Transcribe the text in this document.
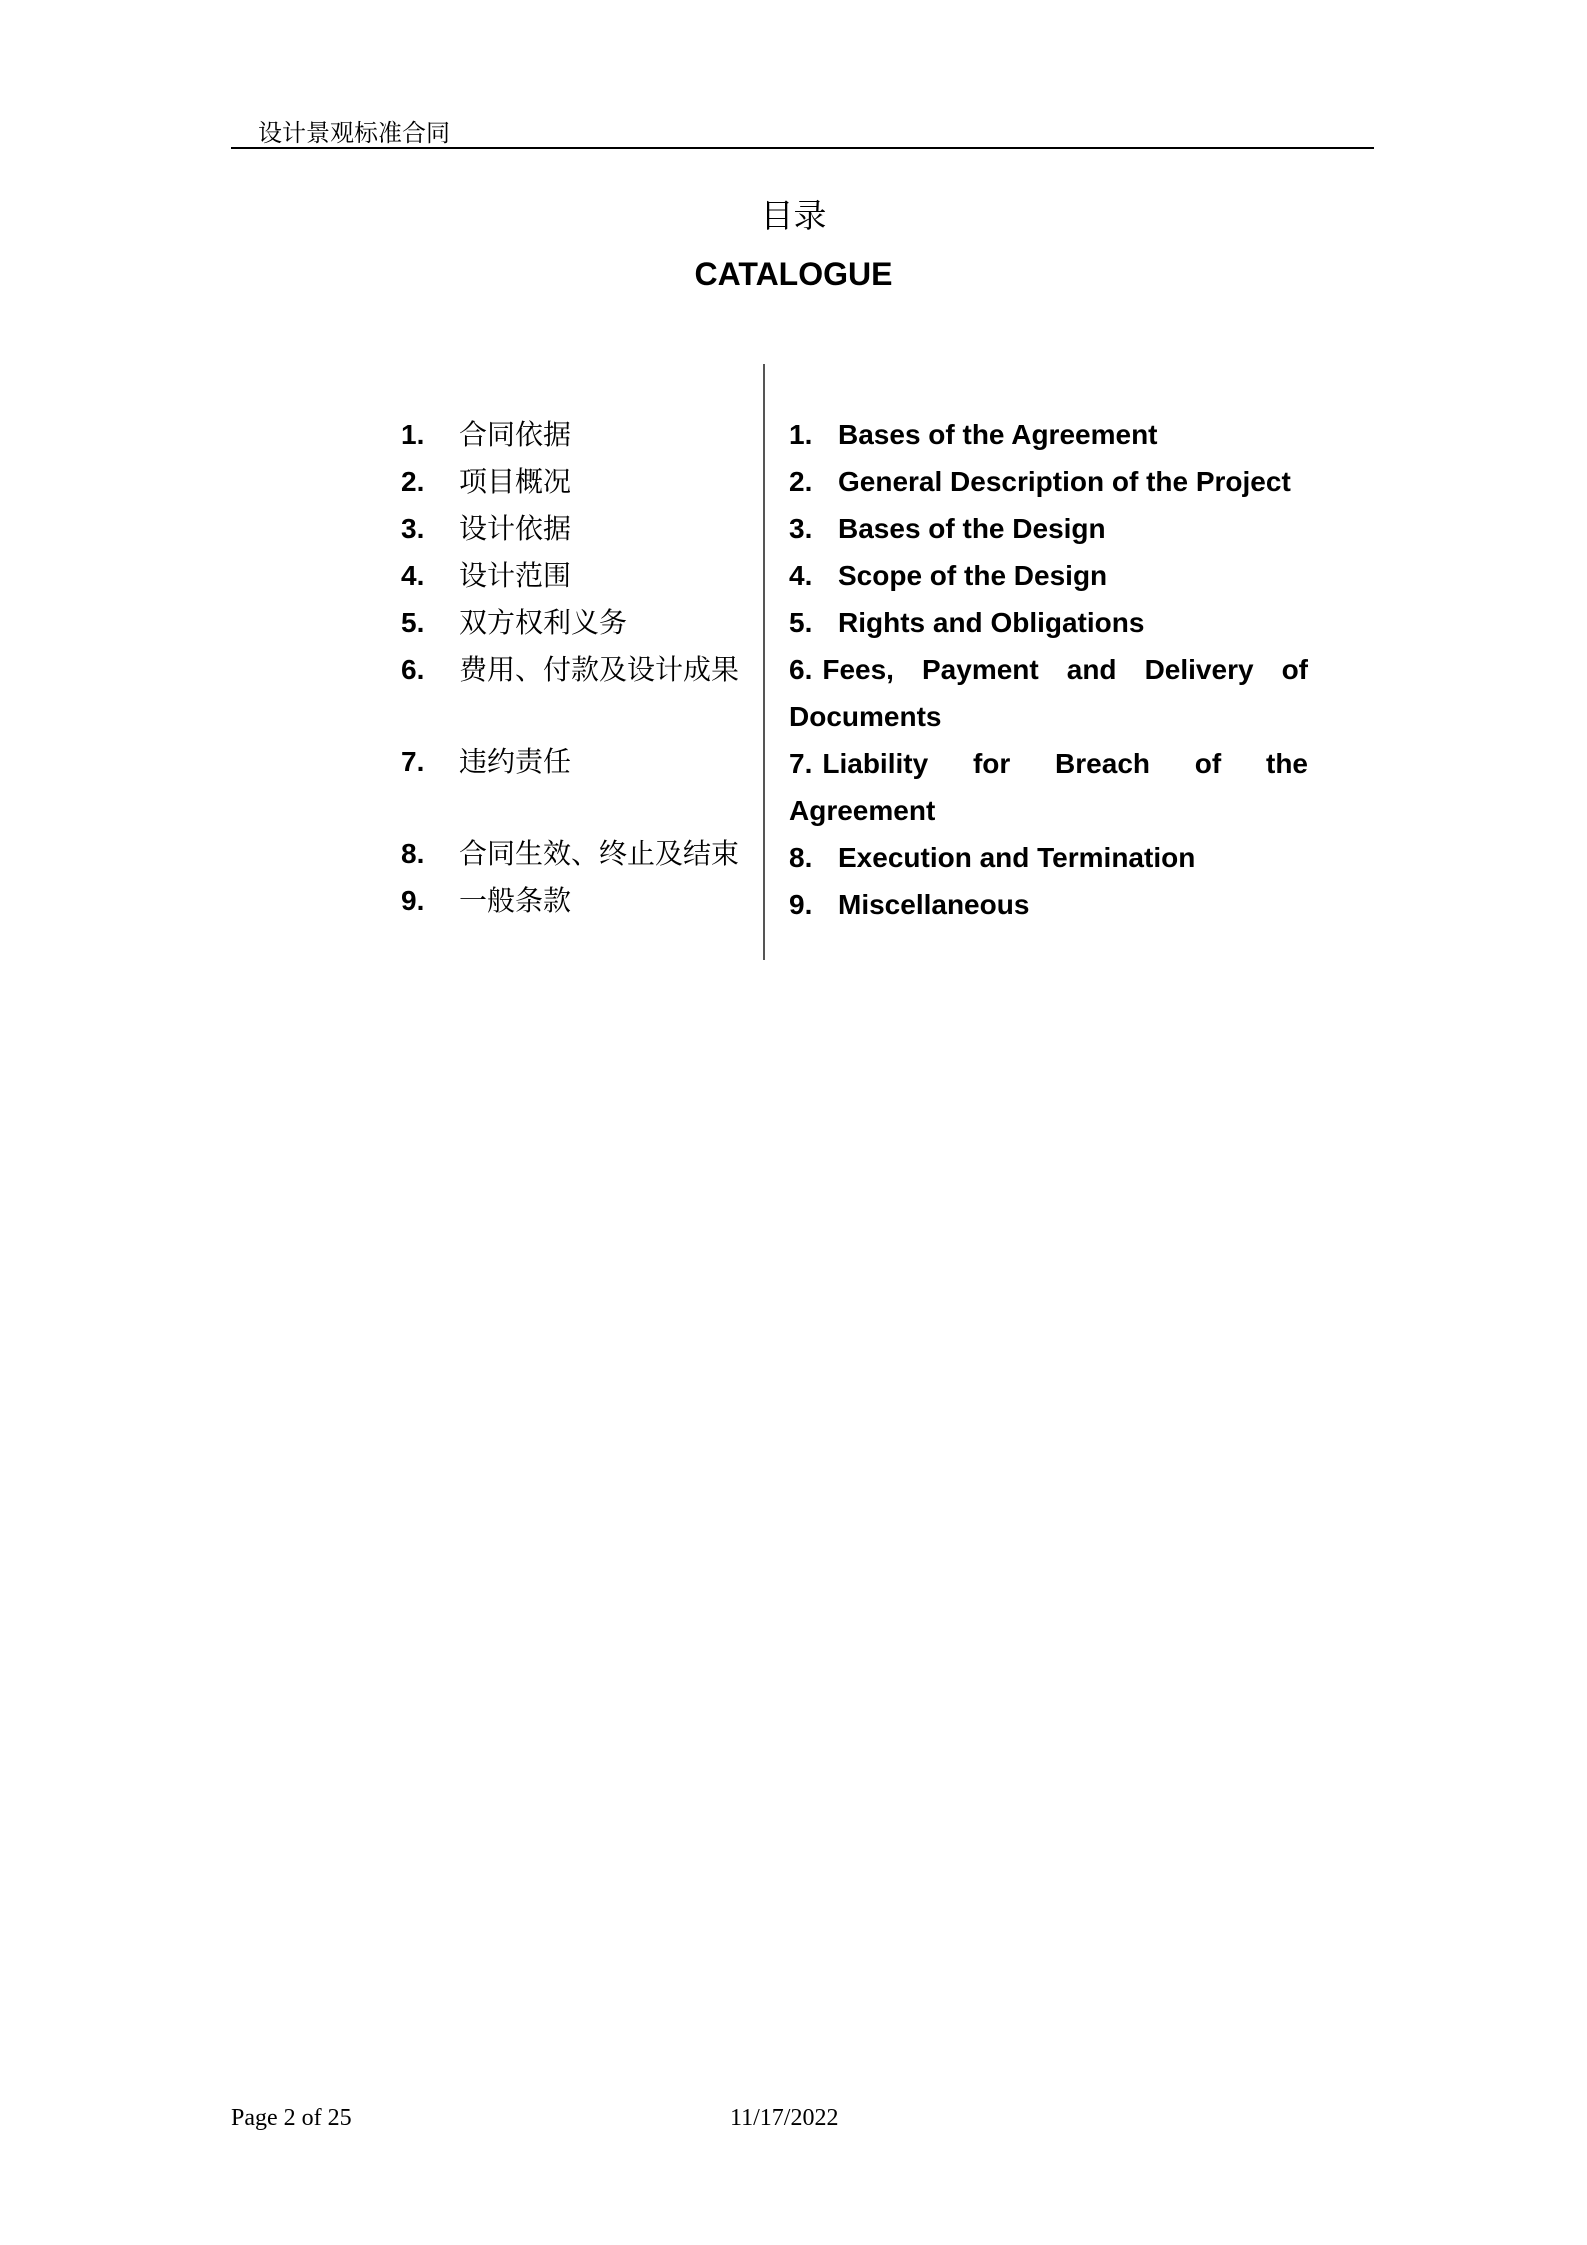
设计景观标准合同
目录
CATALOGUE
1. 合同依据
2. 项目概况
3. 设计依据
4. 设计范围
5. 双方权利义务
6. 费用、付款及设计成果
7. 违约责任
8. 合同生效、终止及结束
9. 一般条款
1. Bases of the Agreement
2. General Description of the Project
3. Bases of the Design
4. Scope of the Design
5. Rights and Obligations
6. Fees, Payment and Delivery of Documents
7. Liability for Breach of the Agreement
8. Execution and Termination
9. Miscellaneous
Page 2 of 25	11/17/2022
